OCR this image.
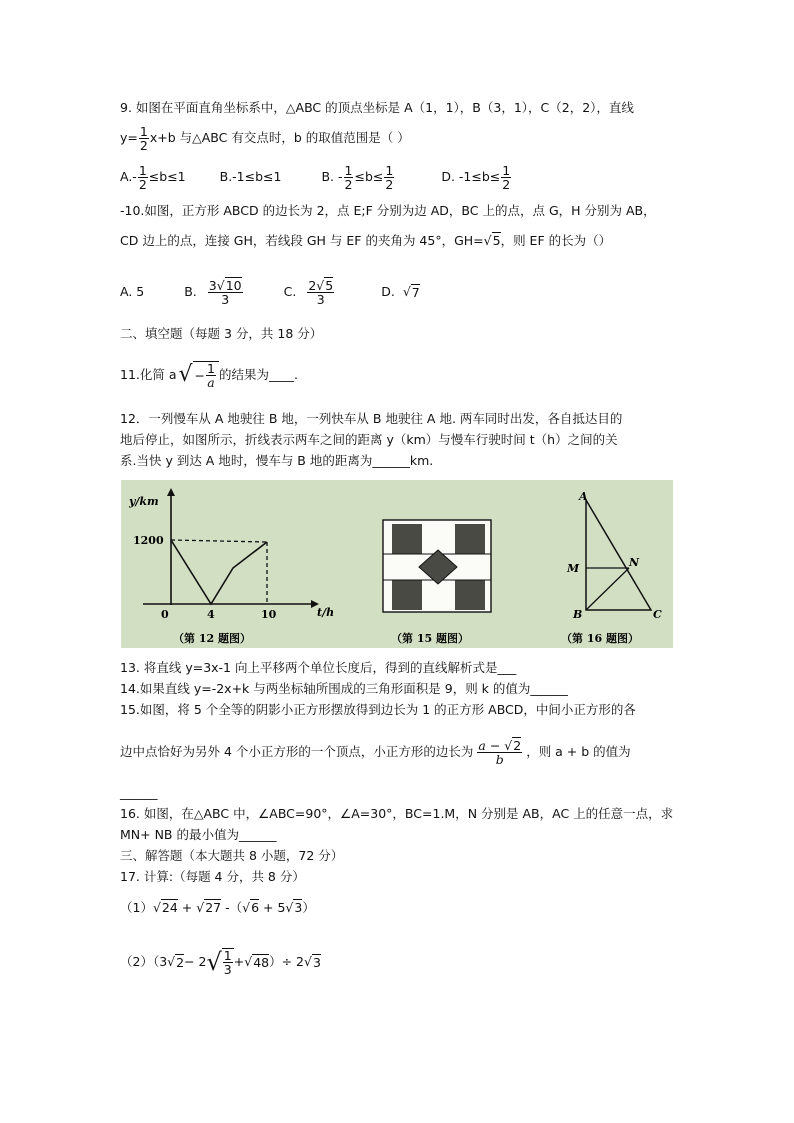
9. 如图在平面直角坐标系中，△ABC 的顶点坐标是 A（1，1），B（3，1），C（2，2），直线
$y= \frac{1}{2} x+b$ 与△ABC 有交点时，b 的取值范围是（ ）
$A.- \frac{1}{2} \le b\le 1$	B.-1≤b≤1	B. - $\frac{1}{2} \le b\le \frac{1}{2}$	D. $-1\le b\le \frac{1}{2}$
-10.如图，正方形 ABCD 的边长为 2，点 E;F 分别为边 AD，BC 上的点，点 G，H 分别为 AB，
CD 边上的点，连接 GH，若线段 GH 与 EF 的夹角为 45°，GH=√5，则 EF 的长为（）
A. 5	B. $\frac{3√10}{3}$	C. $\frac{2√5}{3}$	D. √ 7
二、填空题（每题 3 分，共 18 分）
11.化简 a √ − $\frac{1}{a}$ 的结果为____.
12．一列慢车从 A 地驶往 B 地，一列快车从 B 地驶往 A 地. 两车同时出发，各自抵达目的
地后停止，如图所示，折线表示两车之间的距离 y（km）与慢车行驶时间 t（h）之间的关
系.当快 y 到达 A 地时，慢车与 B 地的距离为______km.
y/km
1200
0	4	10	t/h
（第 12 题图）	（第 15 题图）
A
M	N
B	C
（第 16 题图）
13. 将直线 y=3x-1 向上平移两个单位长度后，得到的直线解析式是___
14.如果直线 y=-2x+k 与两坐标轴所围成的三角形面积是 9，则 k 的值为______
15.如图，将 5 个全等的阴影小正方形摆放得到边长为 1 的正方形 ABCD，中间小正方形的各
边中点恰好为另外 4 个小正方形的一个顶点，小正方形的边长为 $\frac{a - √2}{b}$ ，则 a + b 的值为
______
16. 如图，在△ABC 中，∠ABC=90°，∠A=30°，BC=1.M，N 分别是 AB，AC 上的任意一点，求
MN+ NB 的最小值为______
三、解答题（本大题共 8 小题，72 分）
17. 计算:（每题 4 分，共 8 分）
（1）√24 + √27 -（√6 + 5√3）
（2）（3 √ 2 − 2 √ $\frac{1}{3}$ + √ 48 ）÷ 2 √ 3
